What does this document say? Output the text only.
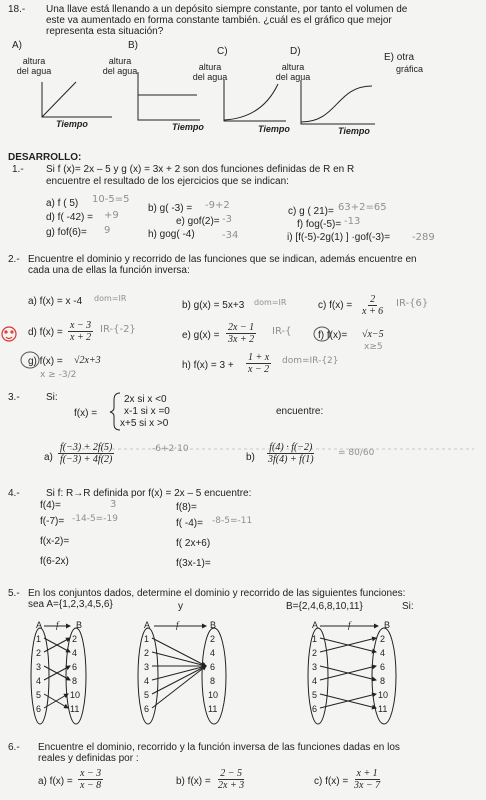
18.- Una llave está llenando a un depósito siempre constante, por tanto el volumen de
este va aumentado en forma constante también. ¿cuál es el gráfico que mejor
representa esta situación?
A)	B)
C)	D)
E) otra
gráfica
altura del agua
altura del agua	altura del agua
altura del agua
Tiempo	Tiempo	Tiempo	Tiempo
DESARROLLO:
1.- Si f (x)= 2x – 5 y g (x) = 3x + 2 son dos funciones definidas de R en R
encuentre el resultado de los ejercicios que se indican:
a) f ( 5) 10-5=5
b) g( -3) = -9+2
c) g ( 21)= 63+2=65
d) f( -42) = +9
e) gof(2)= -3	f) fog(-5)= -13
g) fof(6)= 9	h) gog( -4)	-34	i) [f(-5)-2g(1) ] ·gof(-3)= -289
2.- Encuentre el dominio y recorrido de las funciones que se indican, además encuentre en
cada una de ellas la función inversa:
a) f(x) = x -4 dom=IR
b) g(x) = 5x+3 dom=IR	c) $f(x) = \frac{2}{x + 6} IR-\{6\}$
d) $f(x) = \frac{x - 3}{x + 2} IR-\{-2\}$
e) $g(x) = \frac{2x - 1}{3x + 2} IR-${	f) f(x)= √x−5
x≥5
g) f(x) = √2x+3
x ≥ -3/2
h) $f(x) = 3 + \frac{1 + x}{x - 2} dom=IR-\{2\}$
3.-	Si:
f(x) =
2x si x <0
x-1 si x =0
x+5 si x >0
encuentre:
$a) \frac{f(-3) + 2f(5)}{f(-3) + 4f(2)}$	-6+2·10
$b) \frac{f(4) \cdot f(-2)}{3f(4) + f(1)} = 80/60$
4.-	Si f: R→R definida por f(x) = 2x – 5 encuentre:
f(4)=	3	f(8)=
f(-7)= -14-5=-19	f( -4)= -8-5=-11
f(x-2)=	f( 2x+6)
f(6-2x)	f(3x-1)=
5.- En los conjuntos dados, determine el dominio y recorrido de las siguientes funciones:
sea A={1,2,3,4,5,6}	y	B={2,4,6,8,10,11}	Si:
A f B
1
2
3
4
5
6
2
4
6
8
10
11
A	f	B
1
2
3
4
5
6
2
4
6
8
10
11
A	f	B
1
2
3
4
5
6
2
4
6
8
10
11
6.- Encuentre el dominio, recorrido y la función inversa de las funciones dadas en los
reales y definidas por :
a) $f(x) = \frac{x - 3}{x - 8}$	b) $f(x) = \frac{2 - 5}{2x + 3}$	c) $f(x) = \frac{x + 1}{3x - 7}$
